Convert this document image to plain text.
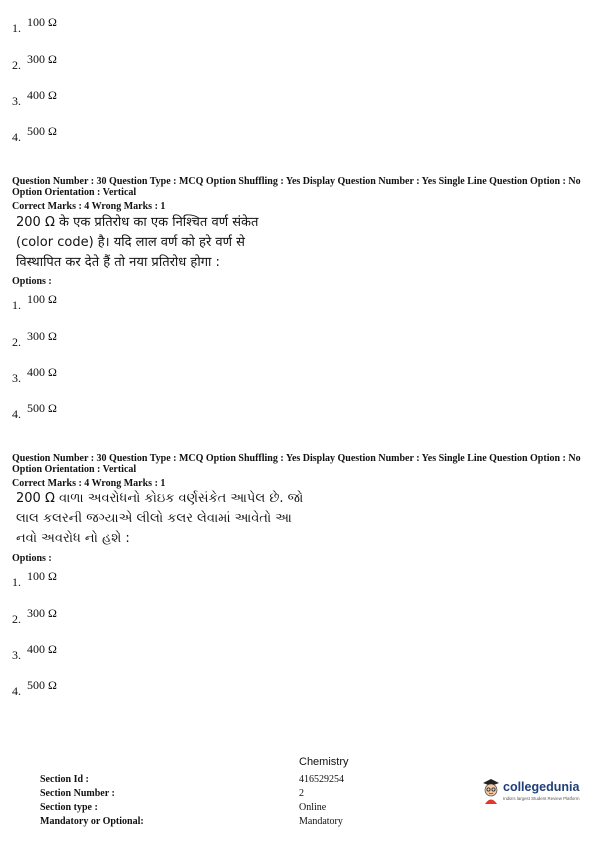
1. 100 Ω
2. 300 Ω
3. 400 Ω
4. 500 Ω
Question Number : 30 Question Type : MCQ Option Shuffling : Yes Display Question Number : Yes Single Line Question Option : No Option Orientation : Vertical
Correct Marks : 4 Wrong Marks : 1
200 Ω के एक प्रतिरोध का एक निश्चित वर्ण संकेत
(color code) है। यदि लाल वर्ण को हरे वर्ण से
विस्थापित कर देते हैं तो नया प्रतिरोध होगा :
Options :
1. 100 Ω
2. 300 Ω
3. 400 Ω
4. 500 Ω
Question Number : 30 Question Type : MCQ Option Shuffling : Yes Display Question Number : Yes Single Line Question Option : No Option Orientation : Vertical
Correct Marks : 4 Wrong Marks : 1
200 Ω વાળા અવરોધનો કોઇક વર્ણસંકેત આપેલ છે. જો
લાલ કલરની જગ્યાએ લીલો કલર લેવામાં આવેતો આ
નવો અવરોધ નો હશે :
Options :
1. 100 Ω
2. 300 Ω
3. 400 Ω
4. 500 Ω
Chemistry
Section Id :	416529254
Section Number :	2
Section type :	Online
Mandatory or Optional:	Mandatory
collegedunia
India's largest Student Review Platform
